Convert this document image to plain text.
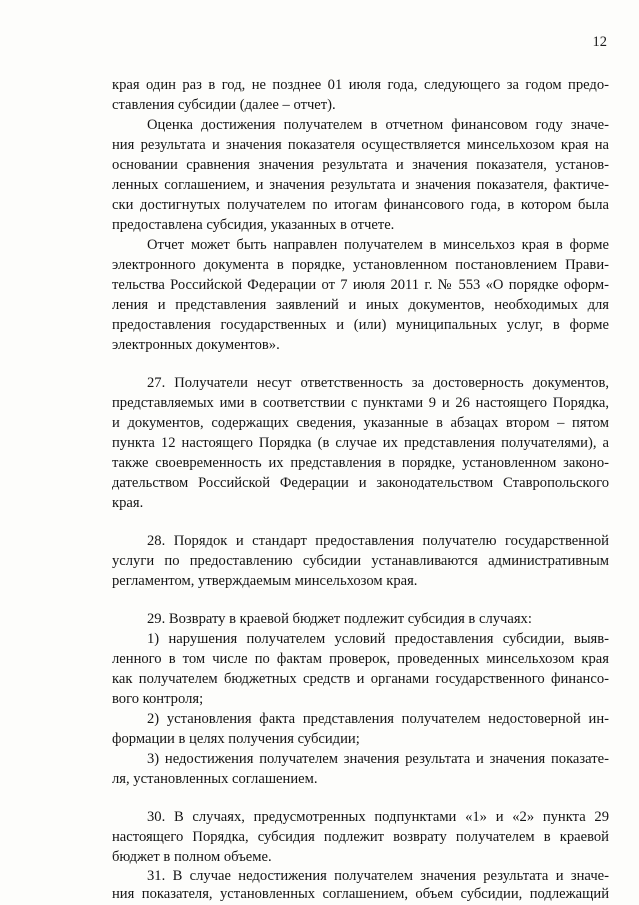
12
края один раз в год, не позднее 01 июля года, следующего за годом предо-
ставления субсидии (далее – отчет).
Оценка достижения получателем в отчетном финансовом году значе-
ния результата и значения показателя осуществляется минсельхозом края на
основании сравнения значения результата и значения показателя, установ-
ленных соглашением, и значения результата и значения показателя, фактиче-
ски достигнутых получателем по итогам финансового года, в котором была
предоставлена субсидия, указанных в отчете.
Отчет может быть направлен получателем в минсельхоз края в форме
электронного документа в порядке, установленном постановлением Прави-
тельства Российской Федерации от 7 июля 2011 г. № 553 «О порядке оформ-
ления и представления заявлений и иных документов, необходимых для
предоставления государственных и (или) муниципальных услуг, в форме
электронных документов».
27. Получатели несут ответственность за достоверность документов,
представляемых ими в соответствии с пунктами 9 и 26 настоящего Порядка,
и документов, содержащих сведения, указанные в абзацах втором – пятом
пункта 12 настоящего Порядка (в случае их представления получателями), а
также своевременность их представления в порядке, установленном законо-
дательством Российской Федерации и законодательством Ставропольского
края.
28. Порядок и стандарт предоставления получателю государственной
услуги по предоставлению субсидии устанавливаются административным
регламентом, утверждаемым минсельхозом края.
29. Возврату в краевой бюджет подлежит субсидия в случаях:
1) нарушения получателем условий предоставления субсидии, выяв-
ленного в том числе по фактам проверок, проведенных минсельхозом края
как получателем бюджетных средств и органами государственного финансо-
вого контроля;
2) установления факта представления получателем недостоверной ин-
формации в целях получения субсидии;
3) недостижения получателем значения результата и значения показате-
ля, установленных соглашением.
30. В случаях, предусмотренных подпунктами «1» и «2» пункта 29
настоящего Порядка, субсидия подлежит возврату получателем в краевой
бюджет в полном объеме.
31. В случае недостижения получателем значения результата и значе-
ния показателя, установленных соглашением, объем субсидии, подлежащий
